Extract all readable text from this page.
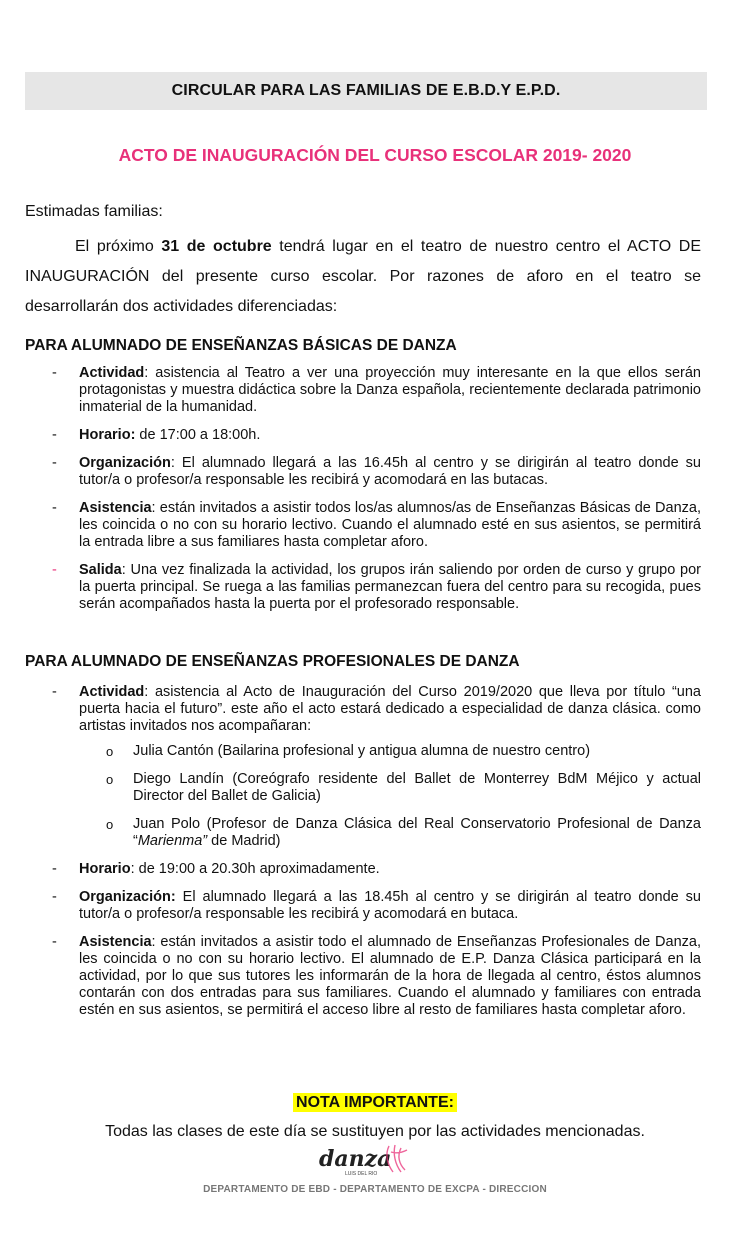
CIRCULAR PARA LAS FAMILIAS DE E.B.D.Y E.P.D.
ACTO DE INAUGURACIÓN DEL CURSO ESCOLAR 2019- 2020
Estimadas familias:
El próximo 31 de octubre tendrá lugar en el teatro de nuestro centro el ACTO DE INAUGURACIÓN del presente curso escolar. Por razones de aforo en el teatro se desarrollarán dos actividades diferenciadas:
PARA ALUMNADO DE ENSEÑANZAS BÁSICAS DE DANZA
- Actividad: asistencia al Teatro a ver una proyección muy interesante en la que ellos serán protagonistas y muestra didáctica sobre la Danza española, recientemente declarada patrimonio inmaterial de la humanidad.
- Horario: de 17:00 a 18:00h.
- Organización: El alumnado llegará a las 16.45h al centro y se dirigirán al teatro donde su tutor/a o profesor/a responsable les recibirá y acomodará en las butacas.
- Asistencia: están invitados a asistir todos los/as alumnos/as de Enseñanzas Básicas de Danza, les coincida o no con su horario lectivo. Cuando el alumnado esté en sus asientos, se permitirá la entrada libre a sus familiares hasta completar aforo.
- Salida: Una vez finalizada la actividad, los grupos irán saliendo por orden de curso y grupo por la puerta principal. Se ruega a las familias permanezcan fuera del centro para su recogida, pues serán acompañados hasta la puerta por el profesorado responsable.
PARA ALUMNADO DE ENSEÑANZAS PROFESIONALES DE DANZA
- Actividad: asistencia al Acto de Inauguración del Curso 2019/2020 que lleva por título “una puerta hacia el futuro”. este año el acto estará dedicado a especialidad de danza clásica. como artistas invitados nos acompañaran:
o Julia Cantón (Bailarina profesional y antigua alumna de nuestro centro)
o Diego Landín (Coreógrafo residente del Ballet de Monterrey BdM Méjico y actual Director del Ballet de Galicia)
o Juan Polo (Profesor de Danza Clásica del Real Conservatorio Profesional de Danza “Marienma” de Madrid)
- Horario: de 19:00 a 20.30h aproximadamente.
- Organización: El alumnado llegará a las 18.45h al centro y se dirigirán al teatro donde su tutor/a o profesor/a responsable les recibirá y acomodará en butaca.
- Asistencia: están invitados a asistir todo el alumnado de Enseñanzas Profesionales de Danza, les coincida o no con su horario lectivo. El alumnado de E.P. Danza Clásica participará en la actividad, por lo que sus tutores les informarán de la hora de llegada al centro, éstos alumnos contarán con dos entradas para sus familiares. Cuando el alumnado y familiares con entrada estén en sus asientos, se permitirá el acceso libre al resto de familiares hasta completar aforo.
NOTA IMPORTANTE:
Todas las clases de este día se sustituyen por las actividades mencionadas.
danza
LUIS DEL RIO
DEPARTAMENTO DE EBD - DEPARTAMENTO DE EXCPA - DIRECCION
